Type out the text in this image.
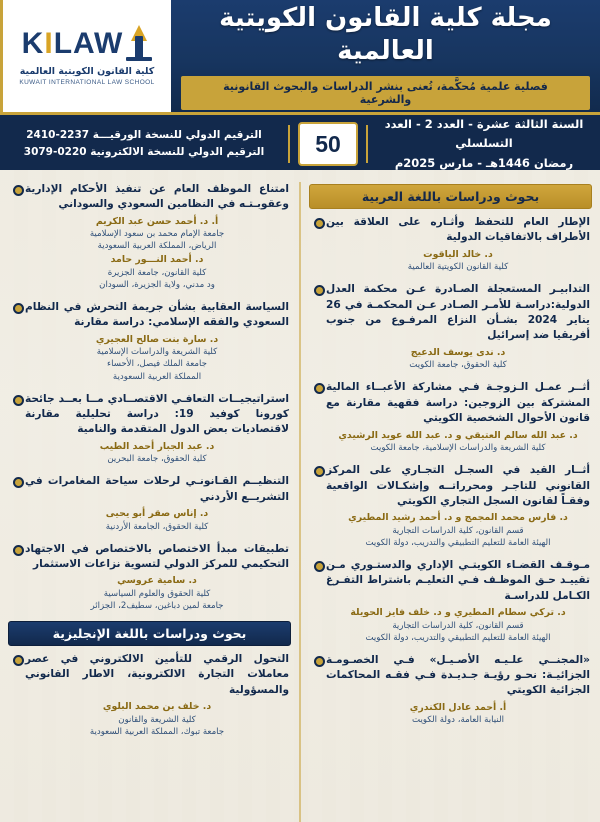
KILAW
كلية القانون الكويتية العالمية
KUWAIT INTERNATIONAL LAW SCHOOL
مجلة كلية القانون الكويتية العالمية
فصلية علمية مُحكَّمة، تُعنى بنشر الدراسات والبحوث القانونية والشرعية
الترقيم الدولي للنسخة الورقيـــة 2237-2410
الترقيم الدولي للنسخة الالكترونية 0220-3079	50
السنة الثالثة عشرة - العدد 2 - العدد التسلسلي
رمضان 1446هـ - مارس 2025م

امتناع الموظف العام عن تنفيذ الأحكام الإدارية وعقوبـتـه في النظامين السعودي والسوداني

أ. د. أحمد حسن عبد الكريم

جامعة الإمام محمد بن سعود الإسلامية

الرياض، المملكة العربية السعودية

د. أحمد النـــور حامد

كلية القانون، جامعة الجزيرة

ود مدني، ولاية الجزيرة، السودان

السياسة العقابية بشأن جريمة التحرش في النظام السعودي والفقه الإسلامي: دراسة مقارنة

د. سارة بنت صالح العجيري

كلية الشريعة والدراسات الإسلامية

جامعة الملك فيصل، الأحساء

المملكة العربية السعودية

استراتيجيــات التعافـي الاقتصــادي مــا بعــد جائحة كورونا كوفيد 19: دراسة تحليلية مقارنة لاقتصاديات بعض الدول المتقدمة والنامية

د. عبد الجبار أحمد الطيب

كلية الحقوق، جامعة البحرين

التنظيــم القـانونـي لرحلات سياحة المغامرات في التشريــع الأردني

د. إناس صقر أبو يحيى

كلية الحقوق، الجامعة الأردنية

تطبيقات مبدأ الاختصاص بالاختصاص في الاجتهاد التحكيمي للمركز الدولي لتسوية نزاعات الاستثمار

د. سامية عروسي

كلية الحقوق والعلوم السياسية

جامعة لمين دباغين، سطيف2، الجزائر

بحوث ودراسات باللغة الإنجليزية

التحول الرقمي للتأمين الالكتروني في عصر معاملات التجارة الالكترونية، الاطار القانوني والمسؤولية

د. خلف بن محمد البلوي

كلية الشريعة والقانون

جامعة تبوك، المملكة العربية السعودية

بحوث ودراسات باللغة العربية

الإطار العام للتحفظ وأثـاره على العلاقة بين الأطراف بالاتفاقيات الدولية

د. خالد الياقوت

كلية القانون الكويتية العالمية

التدابيـر المستعجلة الصـادرة عـن محكمة العدل الدولية:دراسـة للأمـر الصـادر عـن المحكمـة في 26 يناير 2024 بشـأن النزاع المرفـوع من جنوب أفريقيا ضد إسرائيل

د. ندى يوسف الدعيج

كلية الحقوق، جامعة الكويت

أثــر عمـل الـزوجـة فـي مشاركة الأعبــاء المالية المشتركة بين الزوجين: دراسة فقهية مقارنة مع قانون الأحوال الشخصية الكويتي

د. عبد الله سالم العتيقي و د. عبد الله عويد الرشيدي

كلية الشريعة والدراسات الإسلامية، جامعة الكويت

أثــار القيد في السجـل التجـاري على المركز القانوني للتاجـر ومحرراتــه وإشكـالات الواقعية وفقـاً لقانون السجل التجاري الكويتي

د. فارس محمد المجمج و د. أحمد رشيد المطيري

قسم القانون، كلية الدراسات التجارية

الهيئة العامة للتعليم التطبيقي والتدريب، دولة الكويت

مـوقـف القضـاء الكويتـي الإداري والدستـوري مـن تقييـد حـق الموظـف فـي التعليـم باشتراط التفـرغ الكـامل للدراسـة

د. تركي سطام المطيري و د. خلف فايز الحويلة

قسم القانون، كلية الدراسات التجارية

الهيئة العامة للتعليم التطبيقي والتدريب، دولة الكويت

«المجنــي علـيـه الأصـيـل» فـي الخصـومـة الجزائيـة: نحـو رؤيـة جـديـدة فـي فقـه المحاكمات الجزائية الكويتي

أ. أحمد عادل الكندري

النيابة العامة، دولة الكويت
